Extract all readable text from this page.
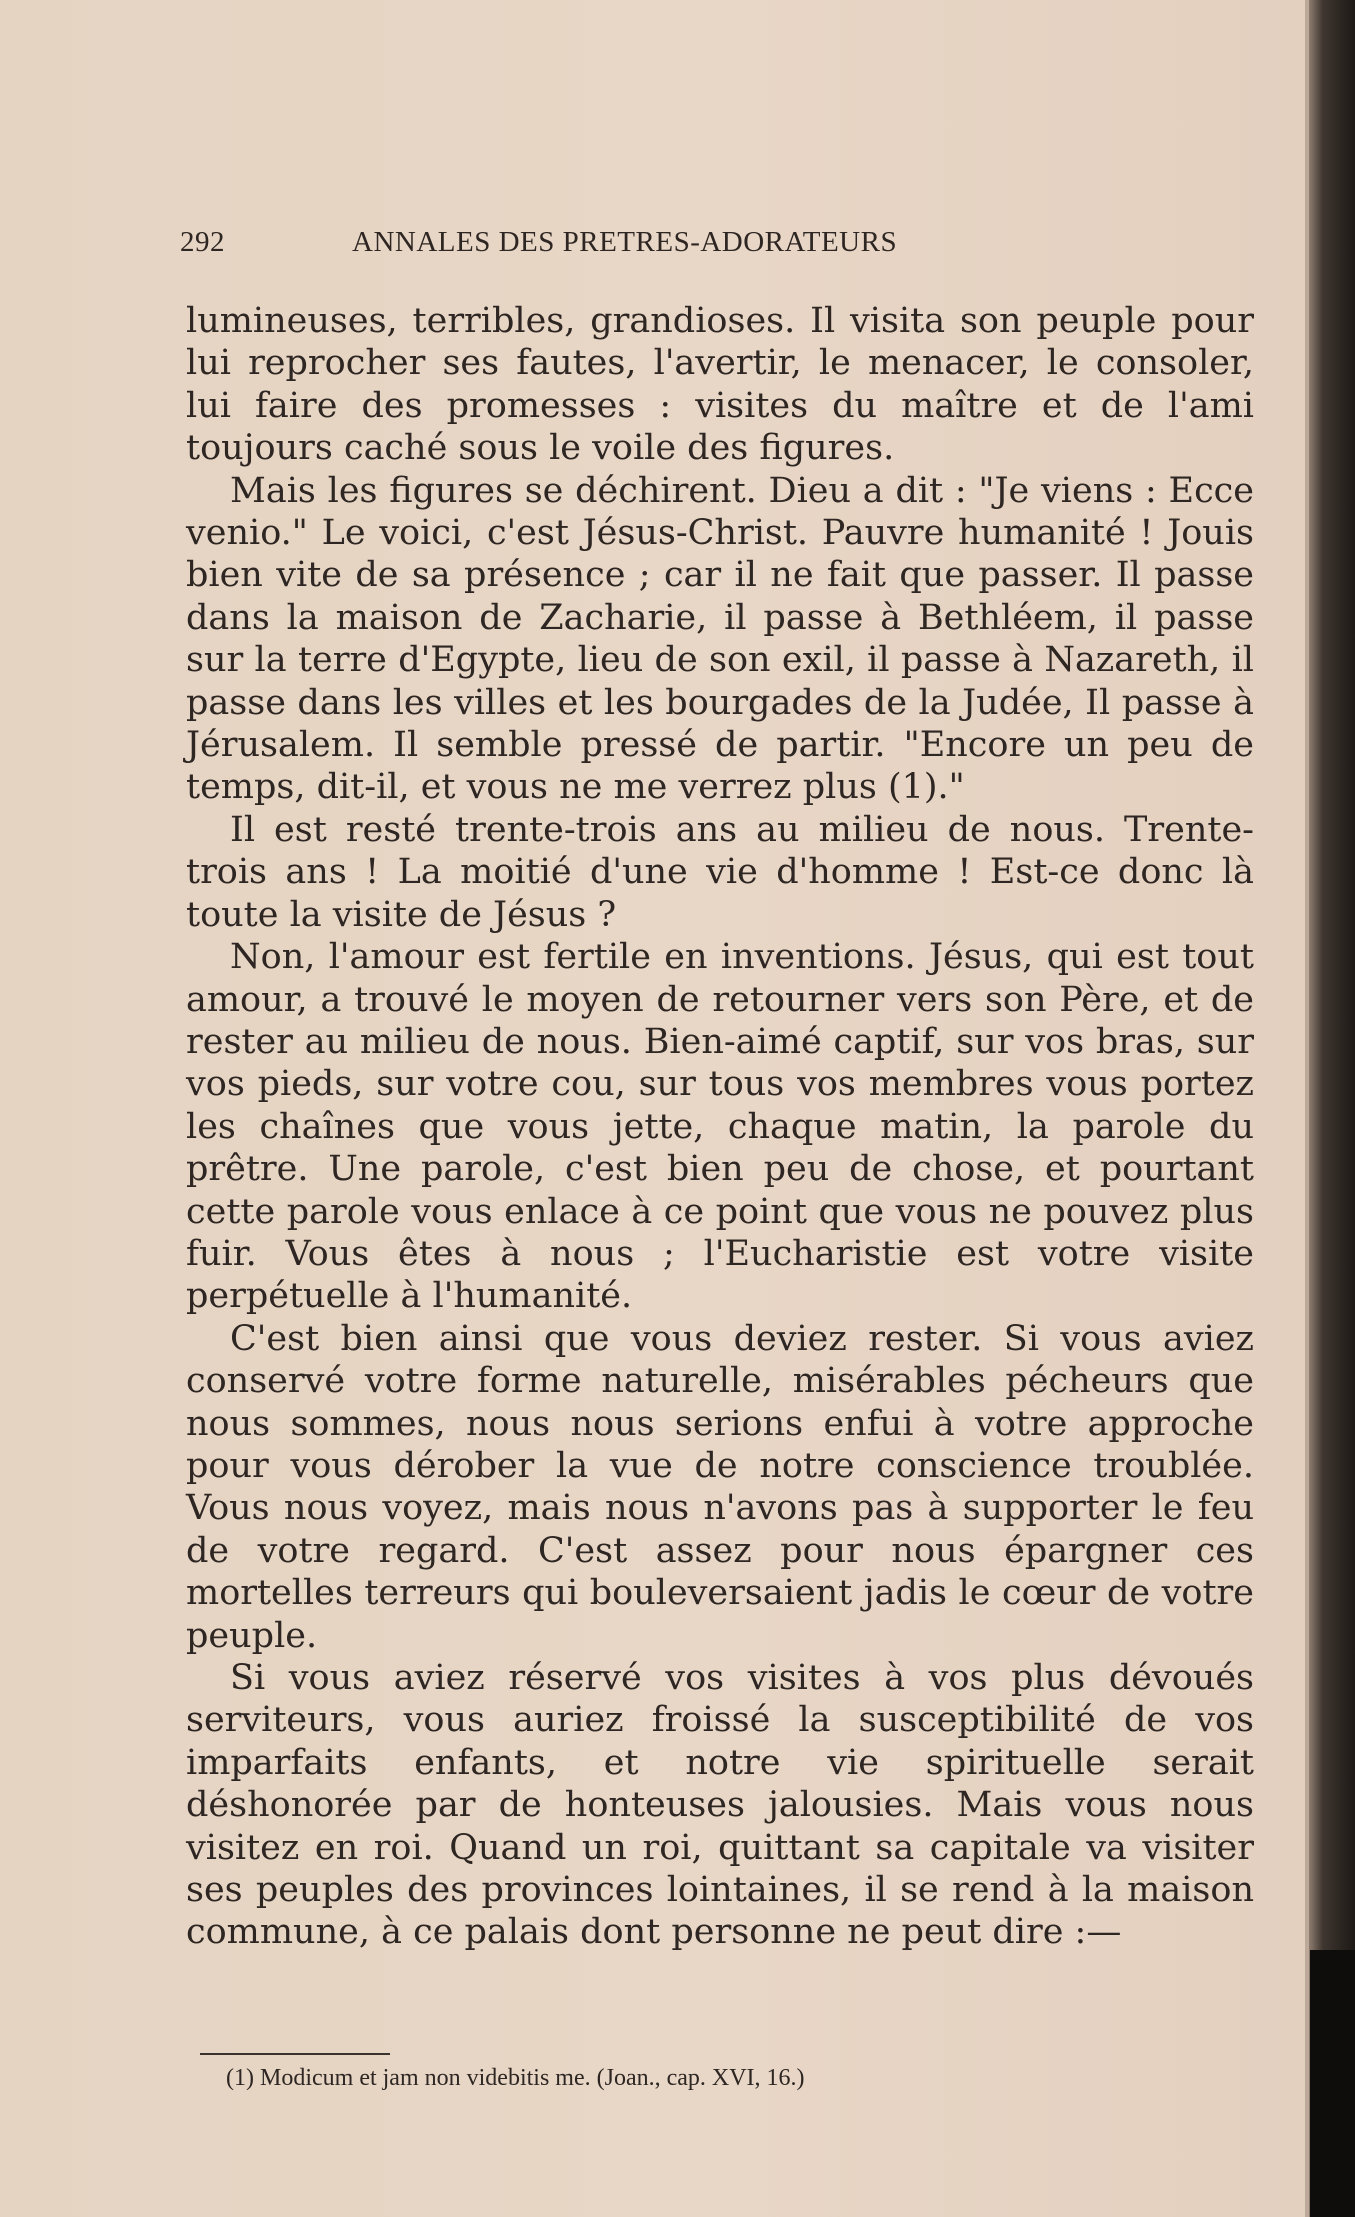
292	ANNALES DES PRETRES-ADORATEURS

lumineuses, terribles, grandioses. Il visita son peuple pour lui reprocher ses fautes, l'avertir, le menacer, le consoler, lui faire des promesses : visites du maître et de l'ami toujours caché sous le voile des figures.

Mais les figures se déchirent. Dieu a dit : "Je viens : Ecce venio." Le voici, c'est Jésus-Christ. Pauvre humanité ! Jouis bien vite de sa présence ; car il ne fait que passer. Il passe dans la maison de Zacharie, il passe à Bethléem, il passe sur la terre d'Egypte, lieu de son exil, il passe à Nazareth, il passe dans les villes et les bourgades de la Judée, Il passe à Jérusalem. Il semble pressé de partir. "Encore un peu de temps, dit-il, et vous ne me verrez plus (1)."

Il est resté trente-trois ans au milieu de nous. Trente-trois ans ! La moitié d'une vie d'homme ! Est-ce donc là toute la visite de Jésus ?

Non, l'amour est fertile en inventions. Jésus, qui est tout amour, a trouvé le moyen de retourner vers son Père, et de rester au milieu de nous. Bien-aimé captif, sur vos bras, sur vos pieds, sur votre cou, sur tous vos membres vous portez les chaînes que vous jette, chaque matin, la parole du prêtre. Une parole, c'est bien peu de chose, et pourtant cette parole vous enlace à ce point que vous ne pouvez plus fuir. Vous êtes à nous ; l'Eucharistie est votre visite perpétuelle à l'humanité.

C'est bien ainsi que vous deviez rester. Si vous aviez conservé votre forme naturelle, misérables pécheurs que nous sommes, nous nous serions enfui à votre approche pour vous dérober la vue de notre conscience troublée. Vous nous voyez, mais nous n'avons pas à supporter le feu de votre regard. C'est assez pour nous épargner ces mortelles terreurs qui bouleversaient jadis le cœur de votre peuple.

Si vous aviez réservé vos visites à vos plus dévoués serviteurs, vous auriez froissé la susceptibilité de vos imparfaits enfants, et notre vie spirituelle serait déshonorée par de honteuses jalousies. Mais vous nous visitez en roi. Quand un roi, quittant sa capitale va visiter ses peuples des provinces lointaines, il se rend à la maison commune, à ce palais dont personne ne peut dire :—

(1) Modicum et jam non videbitis me. (Joan., cap. XVI, 16.)
